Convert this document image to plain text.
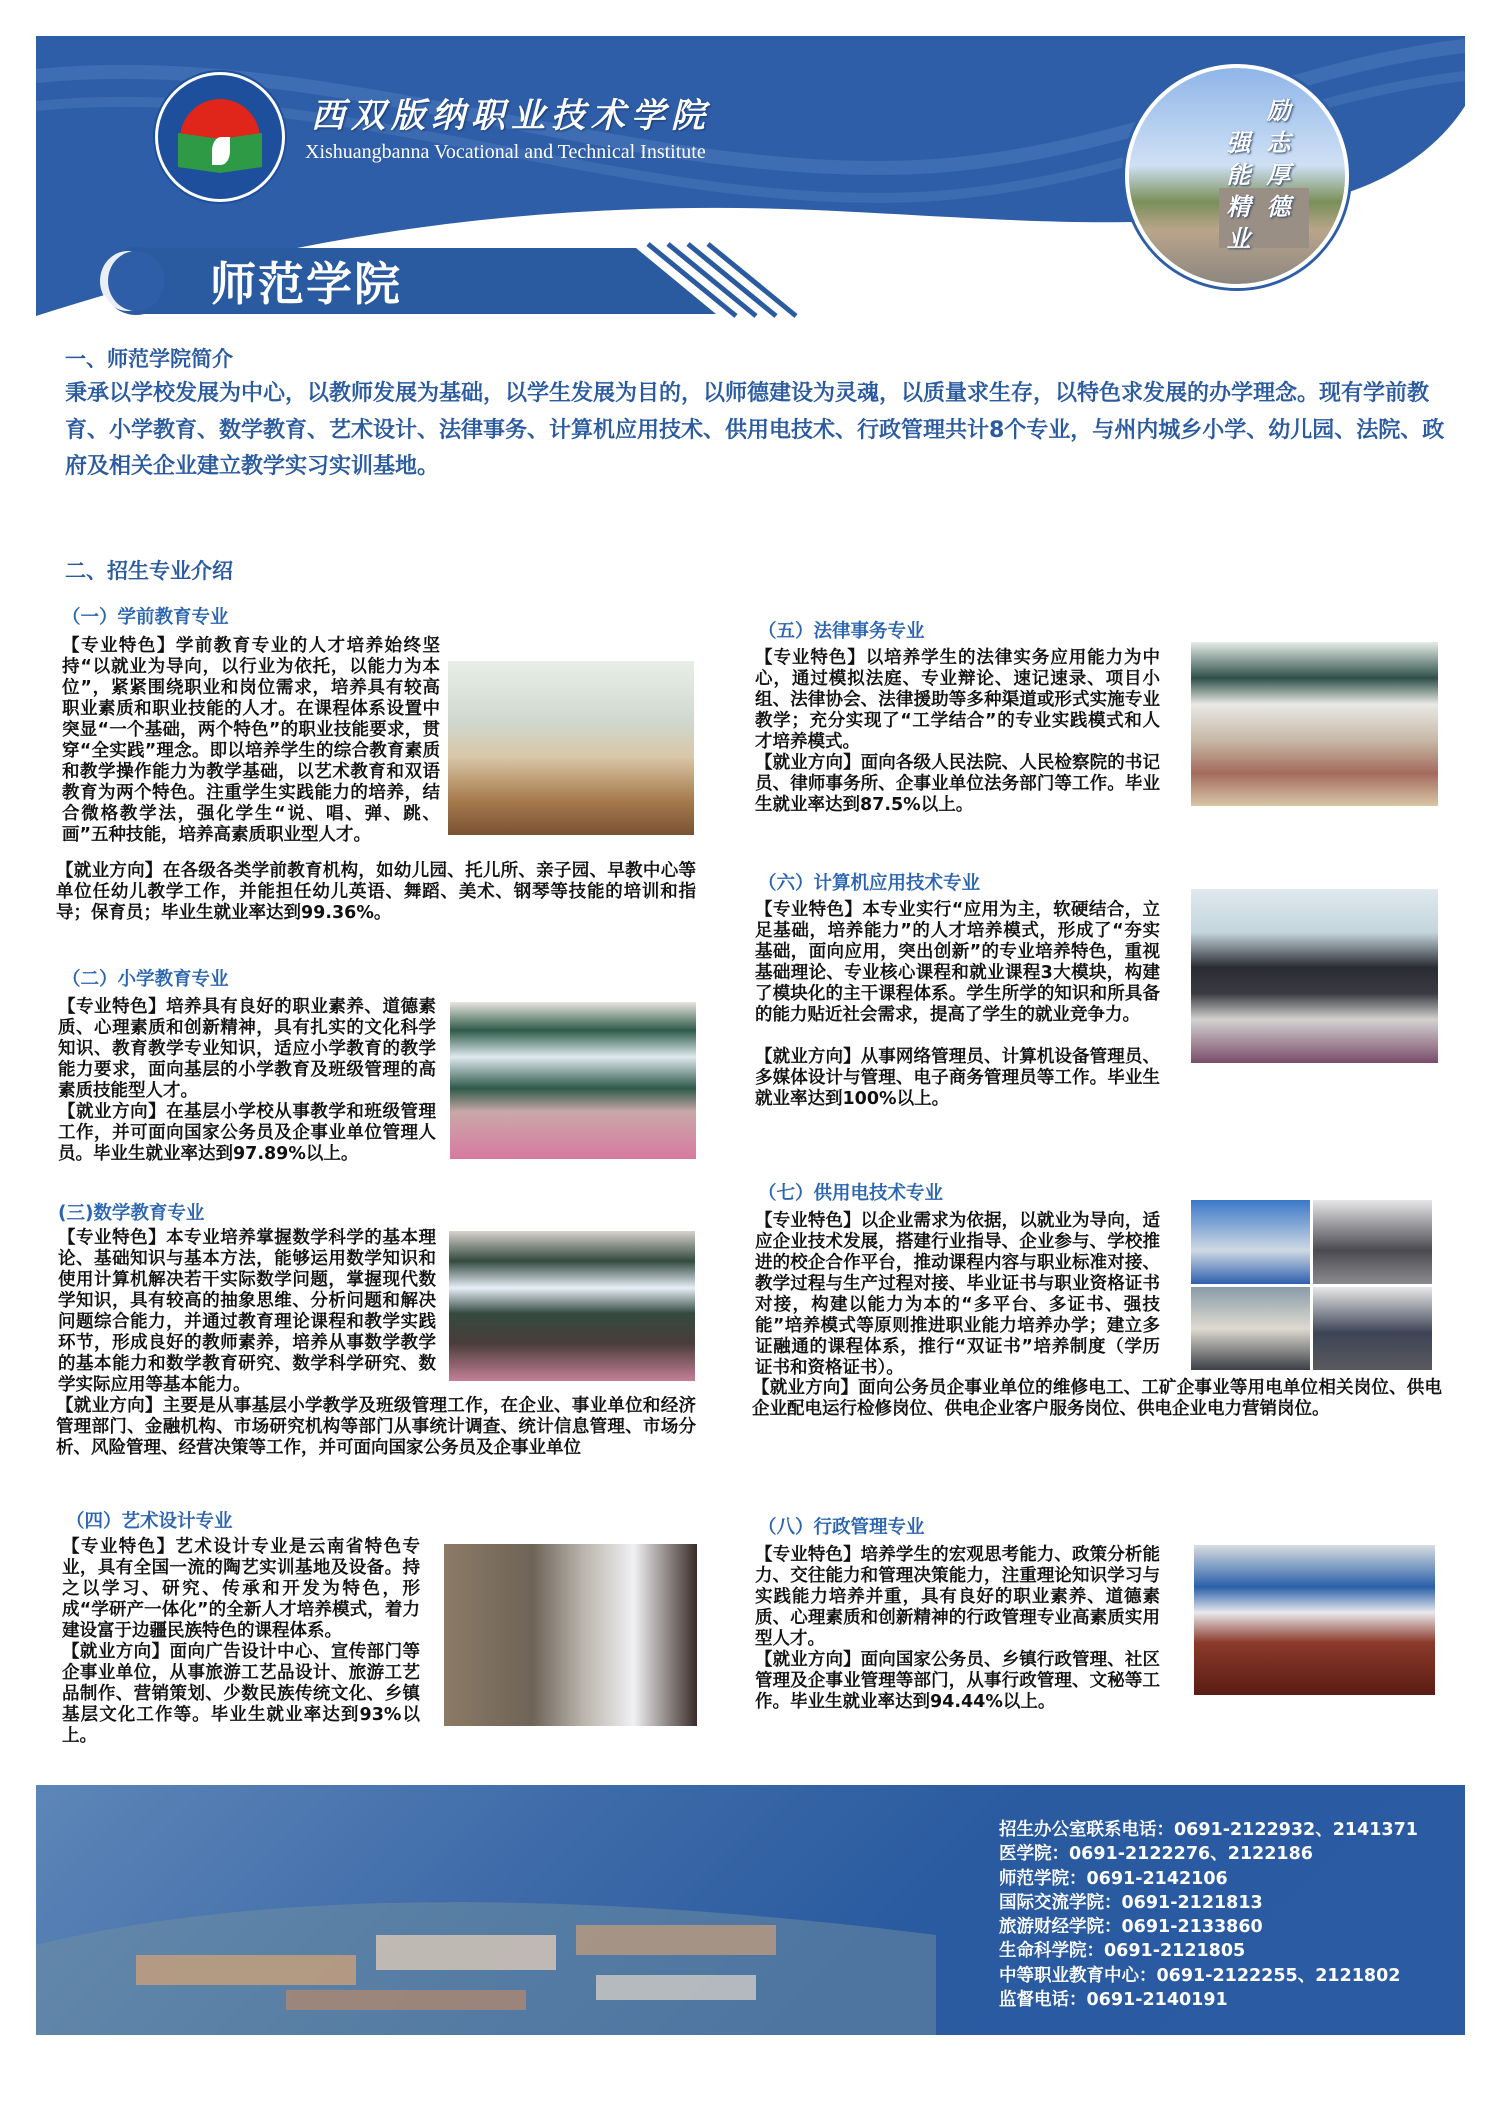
西双版纳职业技术学院
Xishuangbanna Vocational and Technical Institute	励志厚德
强能精业
师范学院
一、师范学院简介
秉承以学校发展为中心，以教师发展为基础，以学生发展为目的，以师德建设为灵魂，以质量求生存，以特色求发展的办学理念。现有学前教育、小学教育、数学教育、艺术设计、法律事务、计算机应用技术、供用电技术、行政管理共计8个专业，与州内城乡小学、幼儿园、法院、政府及相关企业建立教学实习实训基地。
二、招生专业介绍
（一）学前教育专业
【专业特色】学前教育专业的人才培养始终坚持“以就业为导向，以行业为依托，以能力为本位”，紧紧围绕职业和岗位需求，培养具有较高职业素质和职业技能的人才。在课程体系设置中突显“一个基础，两个特色”的职业技能要求，贯穿“全实践”理念。即以培养学生的综合教育素质和教学操作能力为教学基础，以艺术教育和双语教育为两个特色。注重学生实践能力的培养，结合微格教学法，强化学生“说、唱、弹、跳、画”五种技能，培养高素质职业型人才。
【就业方向】在各级各类学前教育机构，如幼儿园、托儿所、亲子园、早教中心等单位任幼儿教学工作，并能担任幼儿英语、舞蹈、美术、钢琴等技能的培训和指导；保育员；毕业生就业率达到99.36%。
（二）小学教育专业
【专业特色】培养具有良好的职业素养、道德素质、心理素质和创新精神，具有扎实的文化科学知识、教育教学专业知识，适应小学教育的教学能力要求，面向基层的小学教育及班级管理的高素质技能型人才。
【就业方向】在基层小学校从事教学和班级管理工作，并可面向国家公务员及企事业单位管理人员。毕业生就业率达到97.89%以上。
(三)数学教育专业
【专业特色】本专业培养掌握数学科学的基本理论、基础知识与基本方法，能够运用数学知识和使用计算机解决若干实际数学问题，掌握现代数学知识，具有较高的抽象思维、分析问题和解决问题综合能力，并通过教育理论课程和教学实践环节，形成良好的教师素养，培养从事数学教学的基本能力和数学教育研究、数学科学研究、数学实际应用等基本能力。
【就业方向】主要是从事基层小学教学及班级管理工作，在企业、事业单位和经济管理部门、金融机构、市场研究机构等部门从事统计调查、统计信息管理、市场分析、风险管理、经营决策等工作，并可面向国家公务员及企事业单位
（四）艺术设计专业
【专业特色】艺术设计专业是云南省特色专业，具有全国一流的陶艺实训基地及设备。持之以学习、研究、传承和开发为特色，形成“学研产一体化”的全新人才培养模式，着力建设富于边疆民族特色的课程体系。
【就业方向】面向广告设计中心、宣传部门等企事业单位，从事旅游工艺品设计、旅游工艺品制作、营销策划、少数民族传统文化、乡镇基层文化工作等。毕业生就业率达到93%以上。
（五）法律事务专业
【专业特色】以培养学生的法律实务应用能力为中心，通过模拟法庭、专业辩论、速记速录、项目小组、法律协会、法律援助等多种渠道或形式实施专业教学；充分实现了“工学结合”的专业实践模式和人才培养模式。
【就业方向】面向各级人民法院、人民检察院的书记员、律师事务所、企事业单位法务部门等工作。毕业生就业率达到87.5%以上。
（六）计算机应用技术专业
【专业特色】本专业实行“应用为主，软硬结合，立足基础，培养能力”的人才培养模式，形成了“夯实基础，面向应用，突出创新”的专业培养特色，重视基础理论、专业核心课程和就业课程3大模块，构建了模块化的主干课程体系。学生所学的知识和所具备的能力贴近社会需求，提高了学生的就业竞争力。
【就业方向】从事网络管理员、计算机设备管理员、多媒体设计与管理、电子商务管理员等工作。毕业生就业率达到100%以上。
（七）供用电技术专业
【专业特色】以企业需求为依据，以就业为导向，适应企业技术发展，搭建行业指导、企业参与、学校推进的校企合作平台，推动课程内容与职业标准对接、教学过程与生产过程对接、毕业证书与职业资格证书对接，构建以能力为本的“多平台、多证书、强技能”培养模式等原则推进职业能力培养办学；建立多证融通的课程体系，推行“双证书”培养制度（学历证书和资格证书）。
【就业方向】面向公务员企事业单位的维修电工、工矿企事业等用电单位相关岗位、供电企业配电运行检修岗位、供电企业客户服务岗位、供电企业电力营销岗位。
（八）行政管理专业
【专业特色】培养学生的宏观思考能力、政策分析能力、交往能力和管理决策能力，注重理论知识学习与实践能力培养并重，具有良好的职业素养、道德素质、心理素质和创新精神的行政管理专业高素质实用型人才。
【就业方向】面向国家公务员、乡镇行政管理、社区管理及企事业管理等部门，从事行政管理、文秘等工作。毕业生就业率达到94.44%以上。
招生办公室联系电话：0691-2122932、2141371
医学院：0691-2122276、2122186
师范学院：0691-2142106
国际交流学院：0691-2121813
旅游财经学院：0691-2133860
生命科学院：0691-2121805
中等职业教育中心：0691-2122255、2121802
监督电话：0691-2140191
